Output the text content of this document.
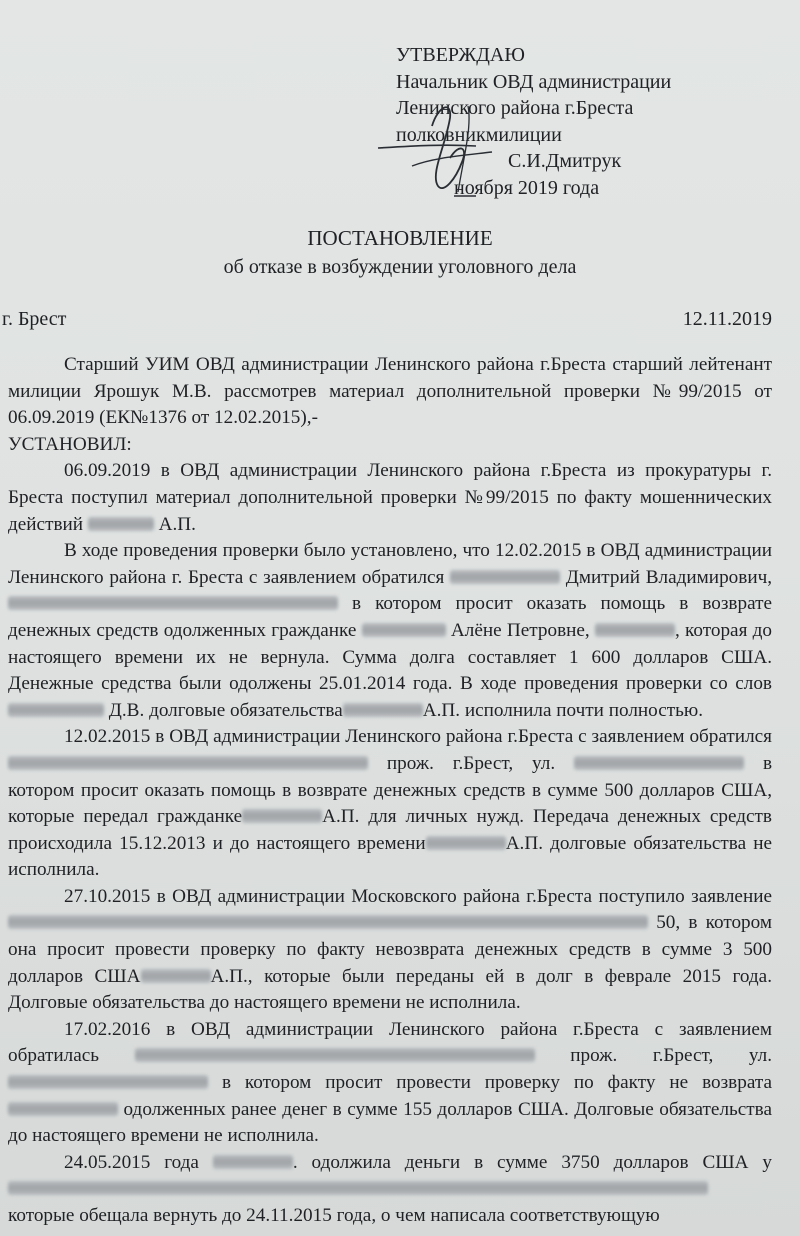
УТВЕРЖДАЮ
Начальник ОВД администрации
Ленинского района г.Бреста
полковникмилиции
С.И.Дмитрук
ноября 2019 года
ПОСТАНОВЛЕНИЕ
об отказе в возбуждении уголовного дела
г. Брест	12.11.2019

Старший УИМ ОВД администрации Ленинского района г.Бреста старший лейтенант милиции Ярошук М.В. рассмотрев материал дополнительной проверки №99/2015 от 06.09.2019 (ЕК№1376 от 12.02.2015),-

УСТАНОВИЛ:

06.09.2019 в ОВД администрации Ленинского района г.Бреста из прокуратуры г. Бреста поступил материал дополнительной проверки №99/2015 по факту мошеннических действий	А.П.

В ходе проведения проверки было установлено, что 12.02.2015 в ОВД администрации Ленинского района г. Бреста с заявлением обратился	Дмитрий Владимирович,  в котором просит оказать помощь в возврате денежных средств одолженных гражданке	Алёне Петровне,	, которая до настоящего времени их не вернула. Сумма долга составляет 1 600 долларов США. Денежные средства были одолжены 25.01.2014 года. В ходе проведения проверки со слов  Д.В. долговые обязательства	А.П. исполнила почти полностью.

12.02.2015 в ОВД администрации Ленинского района г.Бреста с заявлением обратился  прож. г.Брест, ул.	в котором просит оказать помощь в возврате денежных средств в сумме 500 долларов США, которые передал гражданке	А.П. для личных нужд. Передача денежных средств происходила 15.12.2013 и до настоящего времени	А.П. долговые обязательства не исполнила.

27.10.2015 в ОВД администрации Московского района г.Бреста поступило заявление  50, в котором она просит провести проверку по факту невозврата денежных средств в сумме 3 500 долларов США	А.П., которые были переданы ей в долг в феврале 2015 года. Долговые обязательства до настоящего времени не исполнила.

17.02.2016 в ОВД администрации Ленинского района г.Бреста с заявлением обратилась	прож. г.Брест, ул.  в котором просит провести проверку по факту не возврата  одолженных ранее денег в сумме 155 долларов США. Долговые обязательства до настоящего времени не исполнила.

24.05.2015 года	. одолжила деньги в сумме 3750 долларов США у  которые обещала вернуть до 24.11.2015 года, о чем написала соответствующую
